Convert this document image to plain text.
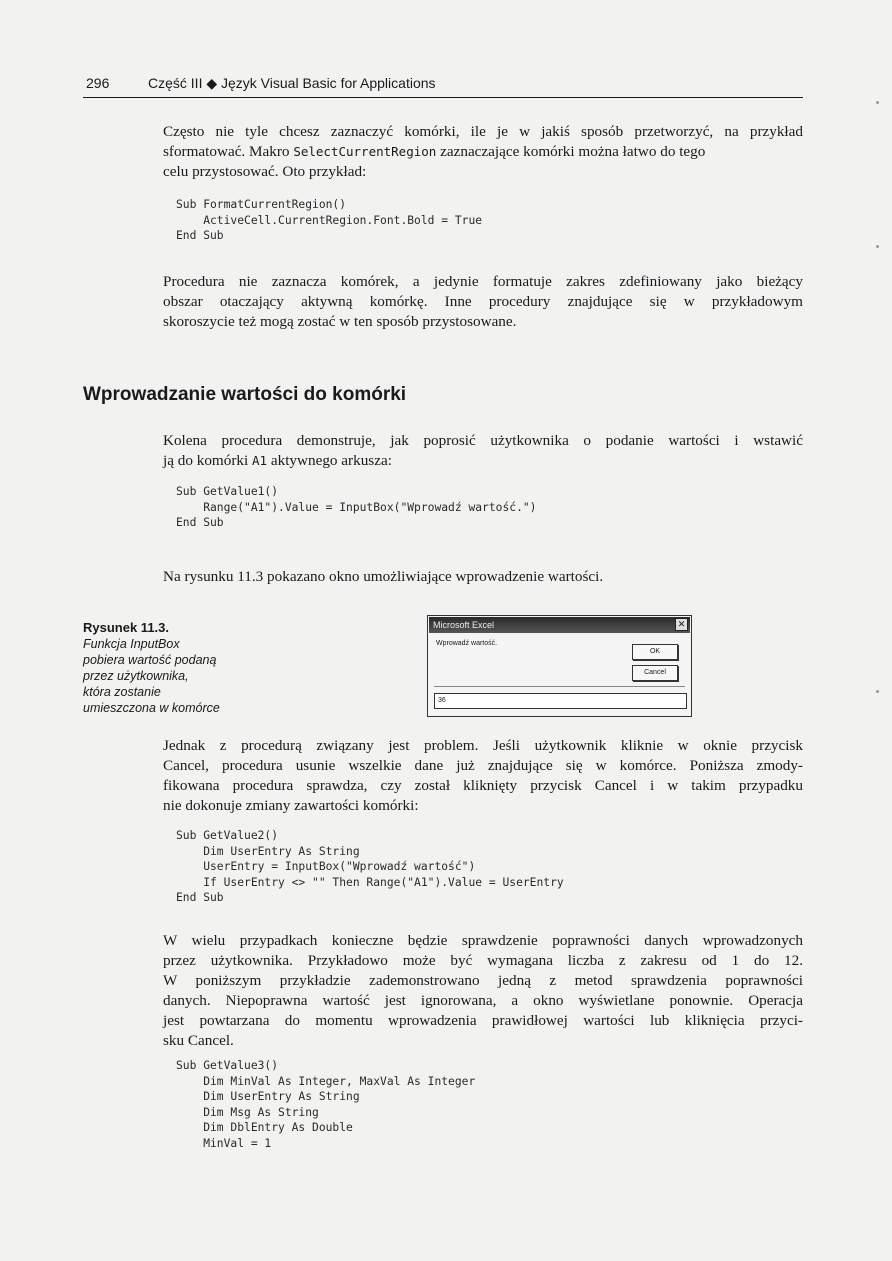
296	Część III ◆ Język Visual Basic for Applications
Często nie tyle chcesz zaznaczyć komórki, ile je w jakiś sposób przetworzyć, na przykład
sformatować. Makro SelectCurrentRegion zaznaczające komórki można łatwo do tego
celu przystosować. Oto przykład:
Sub FormatCurrentRegion()
ActiveCell.CurrentRegion.Font.Bold = True
End Sub
Procedura nie zaznacza komórek, a jedynie formatuje zakres zdefiniowany jako bieżący
obszar otaczający aktywną komórkę. Inne procedury znajdujące się w przykładowym
skoroszycie też mogą zostać w ten sposób przystosowane.
Wprowadzanie wartości do komórki
Kolena procedura demonstruje, jak poprosić użytkownika o podanie wartości i wstawić
ją do komórki A1 aktywnego arkusza:
Sub GetValue1()
Range("A1").Value = InputBox("Wprowadź wartość.")
End Sub
Na rysunku 11.3 pokazano okno umożliwiające wprowadzenie wartości.
Rysunek 11.3.
Funkcja InputBox
pobiera wartość podaną
przez użytkownika,
która zostanie
umieszczona w komórce
Microsoft Excel	✕
Wprowadź wartość.
OK
Cancel
36
Jednak z procedurą związany jest problem. Jeśli użytkownik kliknie w oknie przycisk
Cancel, procedura usunie wszelkie dane już znajdujące się w komórce. Poniższa zmody-
fikowana procedura sprawdza, czy został kliknięty przycisk Cancel i w takim przypadku
nie dokonuje zmiany zawartości komórki:
Sub GetValue2()
Dim UserEntry As String
UserEntry = InputBox("Wprowadź wartość")
If UserEntry <> "" Then Range("A1").Value = UserEntry
End Sub
W wielu przypadkach konieczne będzie sprawdzenie poprawności danych wprowadzonych
przez użytkownika. Przykładowo może być wymagana liczba z zakresu od 1 do 12.
W poniższym przykładzie zademonstrowano jedną z metod sprawdzenia poprawności
danych. Niepoprawna wartość jest ignorowana, a okno wyświetlane ponownie. Operacja
jest powtarzana do momentu wprowadzenia prawidłowej wartości lub kliknięcia przyci-
sku Cancel.
Sub GetValue3()
Dim MinVal As Integer, MaxVal As Integer
Dim UserEntry As String
Dim Msg As String
Dim DblEntry As Double
MinVal = 1
